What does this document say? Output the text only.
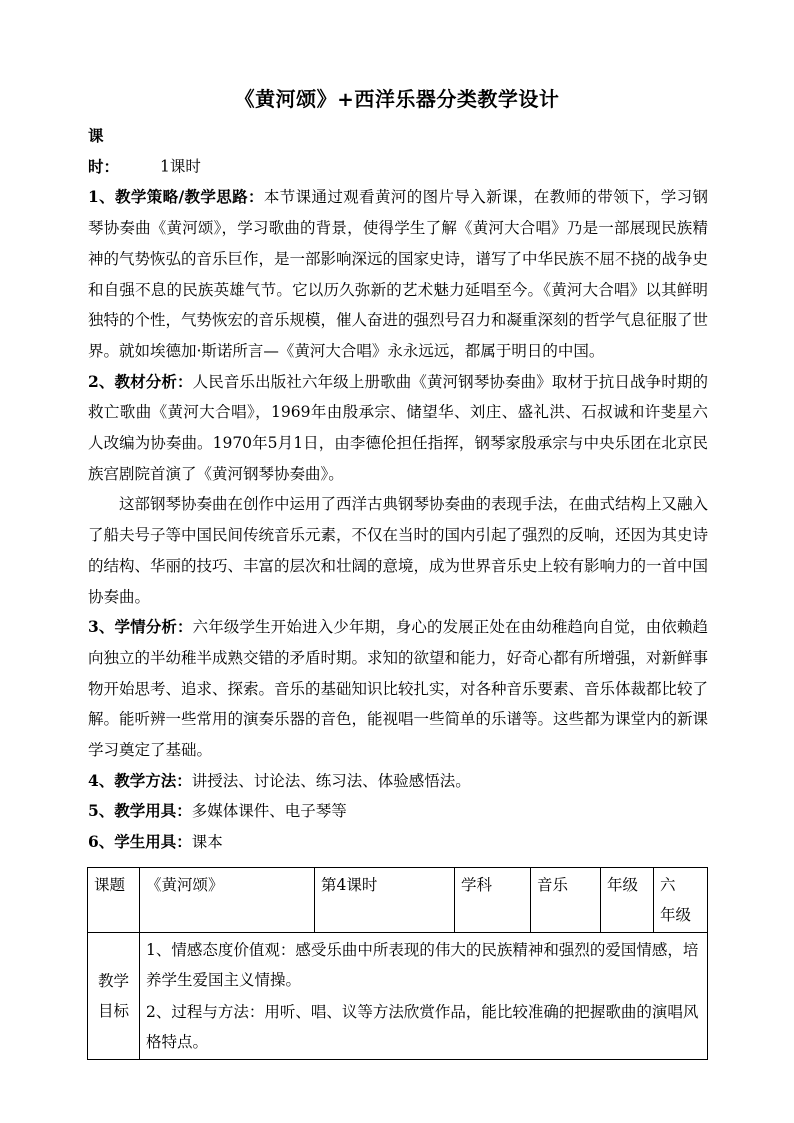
《黄河颂》+西洋乐器分类教学设计

课　　时：	1课时

1、教学策略/教学思路：本节课通过观看黄河的图片导入新课，在教师的带领下，学习钢琴协奏曲《黄河颂》，学习歌曲的背景，使得学生了解《黄河大合唱》乃是一部展现民族精神的气势恢弘的音乐巨作，是一部影响深远的国家史诗，谱写了中华民族不屈不挠的战争史和自强不息的民族英雄气节。它以历久弥新的艺术魅力延唱至今。《黄河大合唱》以其鲜明独特的个性，气势恢宏的音乐规模，催人奋进的强烈号召力和凝重深刻的哲学气息征服了世界。就如埃德加·斯诺所言—《黄河大合唱》永永远远，都属于明日的中国。

2、教材分析：人民音乐出版社六年级上册歌曲《黄河钢琴协奏曲》取材于抗日战争时期的救亡歌曲《黄河大合唱》，1969年由殷承宗、储望华、刘庄、盛礼洪、石叔诚和许斐星六人改编为协奏曲。1970年5月1日，由李德伦担任指挥，钢琴家殷承宗与中央乐团在北京民族宫剧院首演了《黄河钢琴协奏曲》。

这部钢琴协奏曲在创作中运用了西洋古典钢琴协奏曲的表现手法，在曲式结构上又融入了船夫号子等中国民间传统音乐元素，不仅在当时的国内引起了强烈的反响，还因为其史诗的结构、华丽的技巧、丰富的层次和壮阔的意境，成为世界音乐史上较有影响力的一首中国协奏曲。

3、学情分析：六年级学生开始进入少年期，身心的发展正处在由幼稚趋向自觉，由依赖趋向独立的半幼稚半成熟交错的矛盾时期。求知的欲望和能力，好奇心都有所增强，对新鲜事物开始思考、追求、探索。音乐的基础知识比较扎实，对各种音乐要素、音乐体裁都比较了解。能听辨一些常用的演奏乐器的音色，能视唱一些简单的乐谱等。这些都为课堂内的新课学习奠定了基础。

4、教学方法：讲授法、讨论法、练习法、体验感悟法。

5、教学用具：多媒体课件、电子琴等

6、学生用具：课本

课题	《黄河颂》	第4课时	学科	音乐	年级	六　　年级
教学目标	1、情感态度价值观：感受乐曲中所表现的伟大的民族精神和强烈的爱国情感，培养学生爱国主义情操。
2、过程与方法：用听、唱、议等方法欣赏作品，能比较准确的把握歌曲的演唱风格特点。					
